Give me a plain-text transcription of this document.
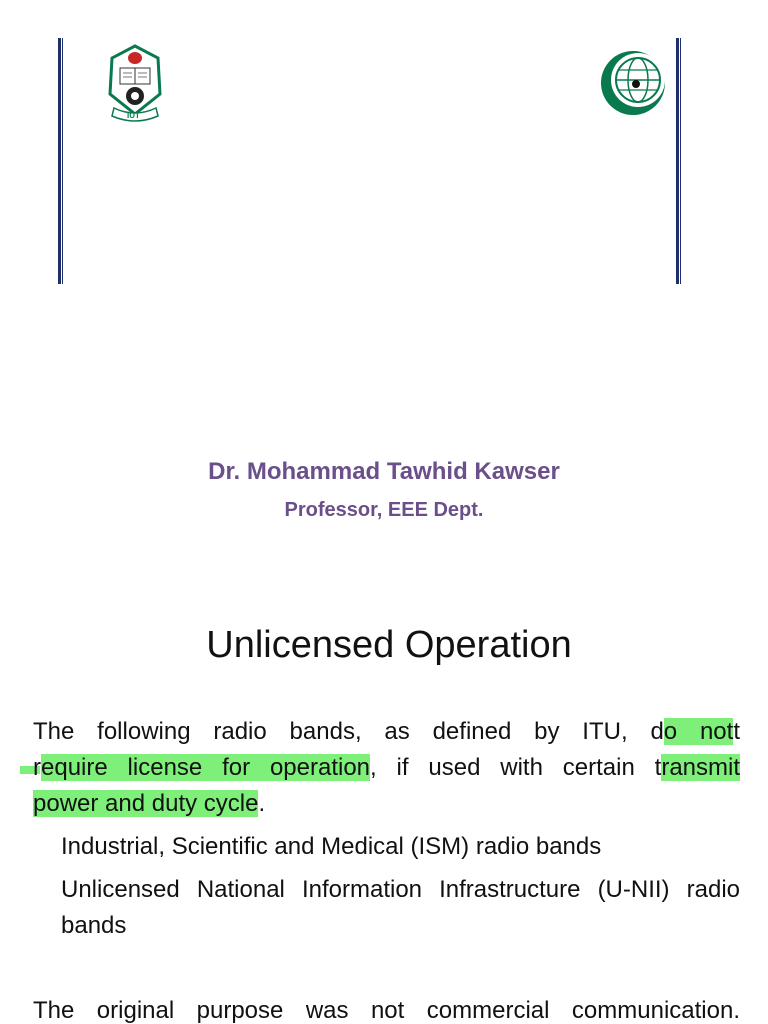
IUT
Dr. Mohammad Tawhid Kawser
Professor, EEE Dept.
Unlicensed Operation
The following radio bands, as defined by ITU, do nott
require license for operation, if used with certain transmit
power and duty cycle.
Industrial, Scientific and Medical (ISM) radio bands
Unlicensed National Information Infrastructure (U-NII) radio bands
The original purpose was not commercial communication.
